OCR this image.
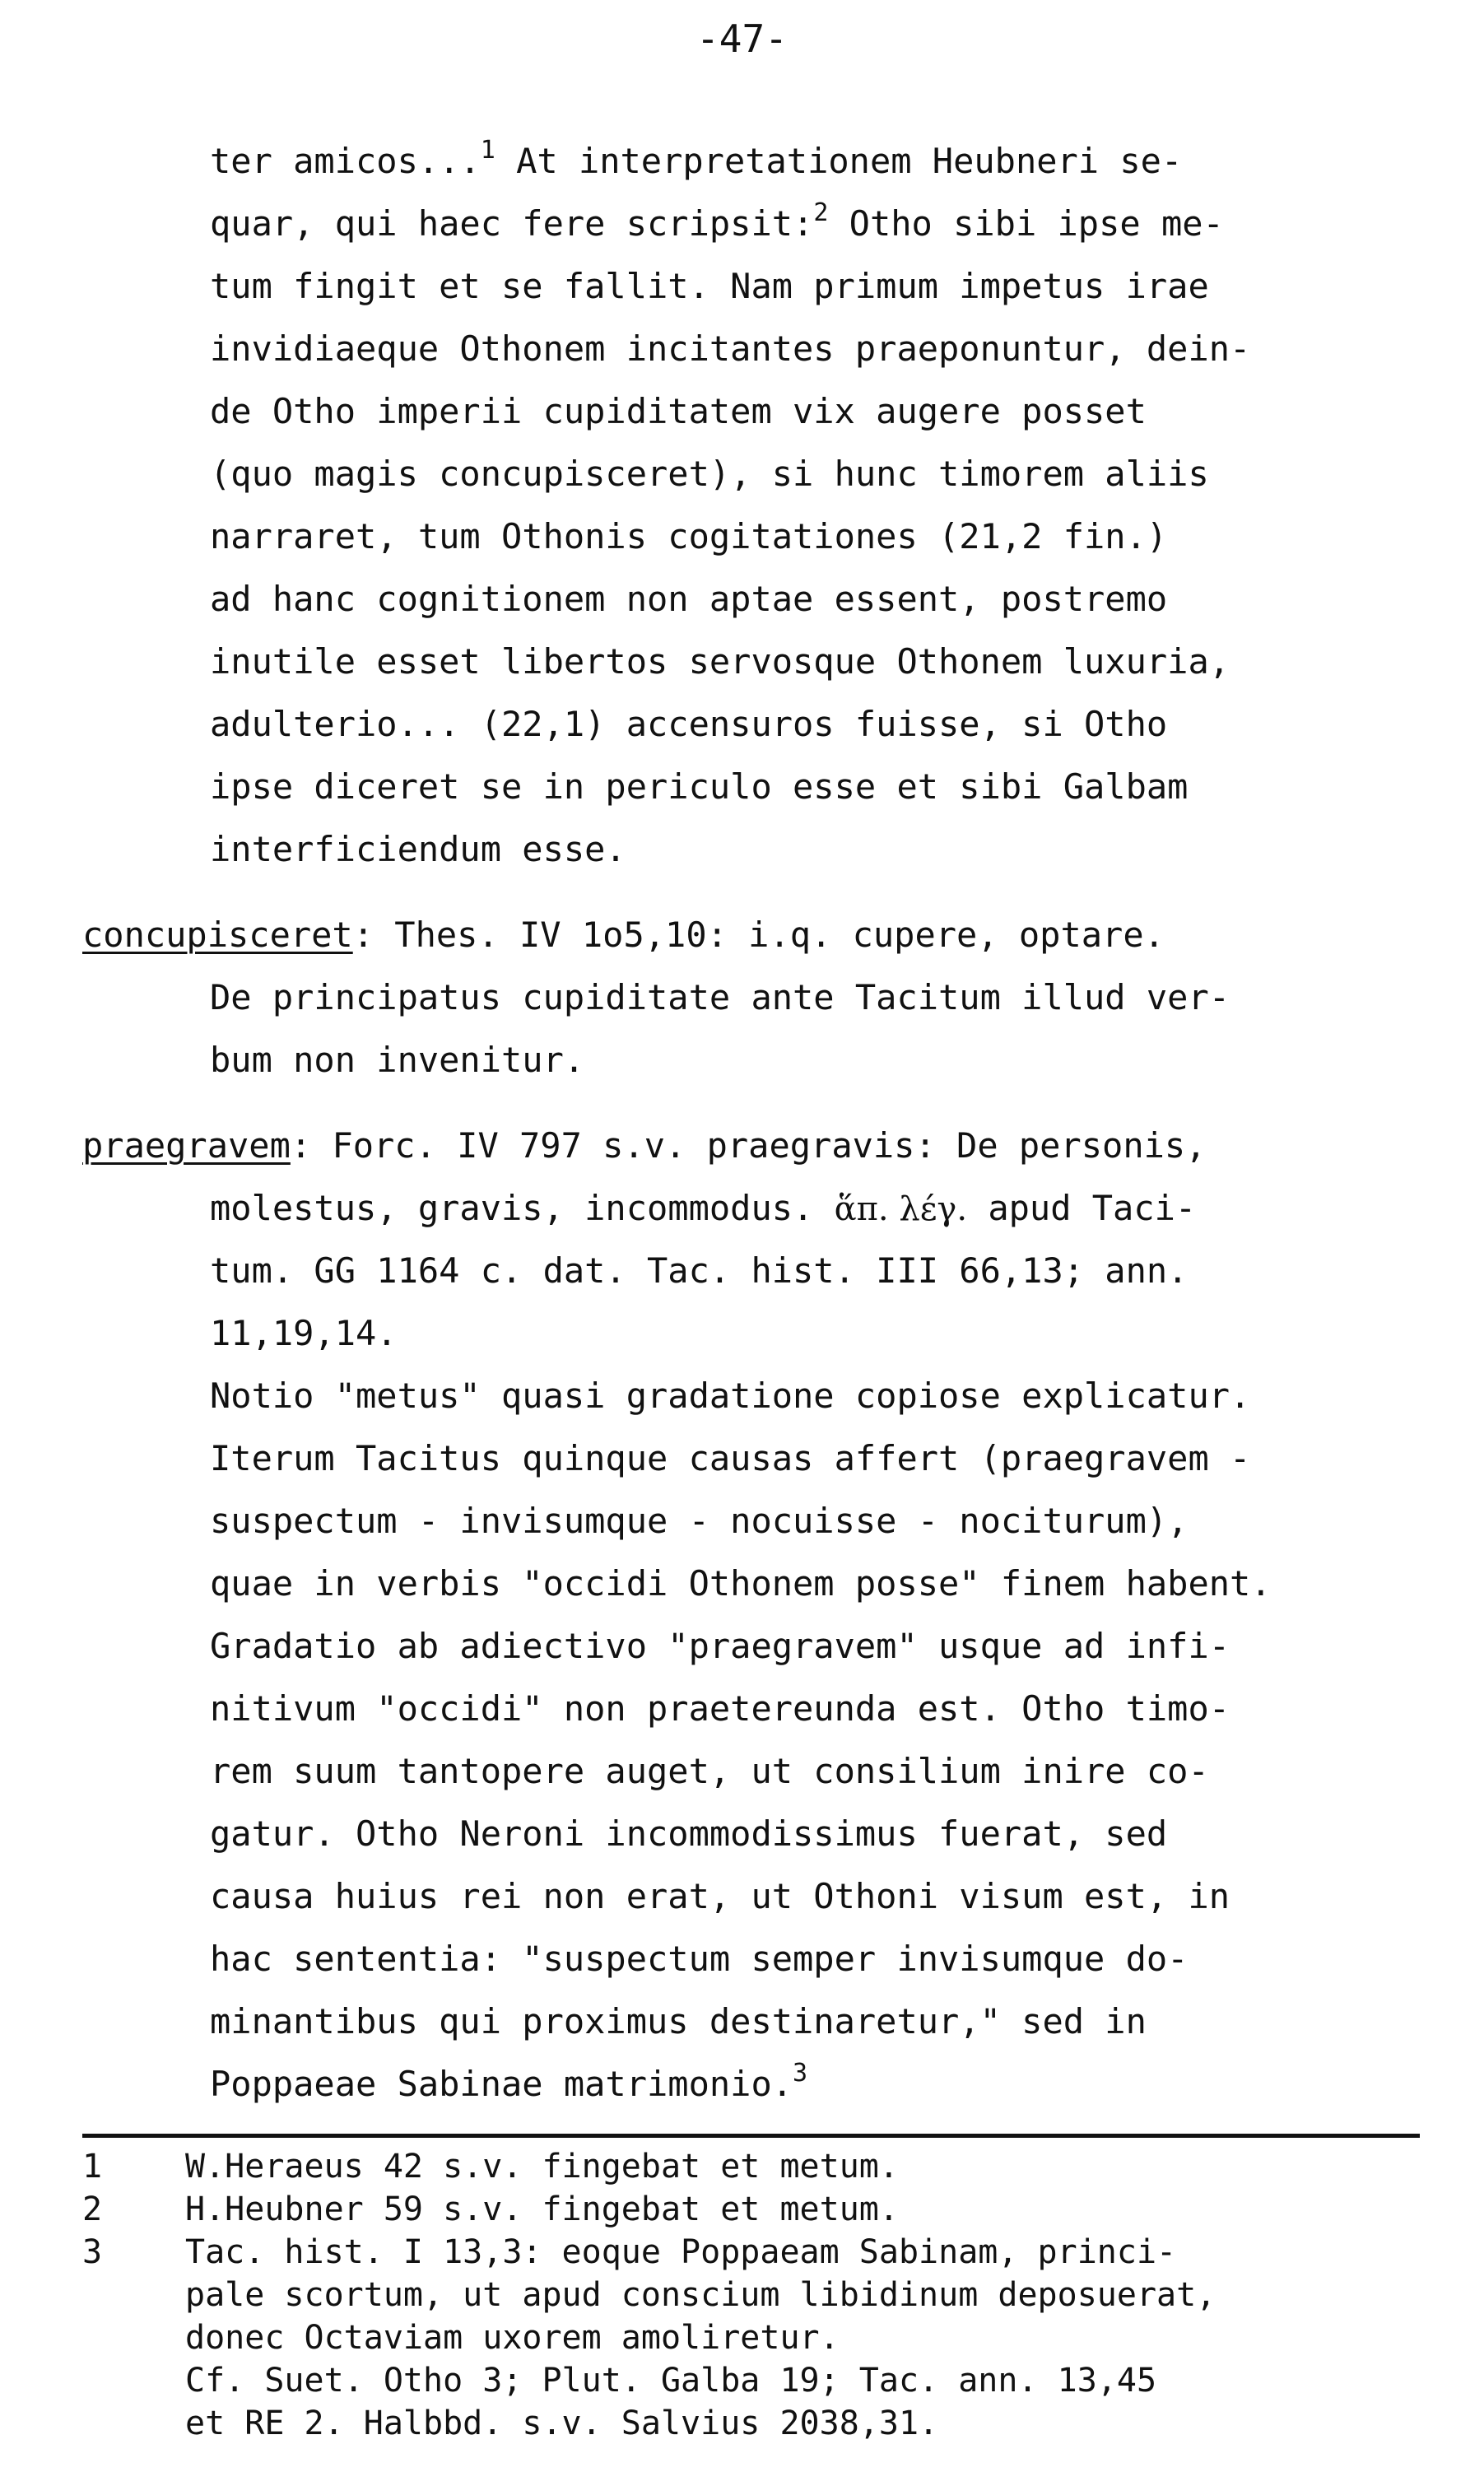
-47-
ter amicos...$^1$ At interpretationem Heubneri se-
quar, qui haec fere scripsit:$^2$ Otho sibi ipse me-
tum fingit et se fallit. Nam primum impetus irae
invidiaeque Othonem incitantes praeponuntur, dein-
de Otho imperii cupiditatem vix augere posset
(quo magis concupisceret), si hunc timorem aliis
narraret, tum Othonis cogitationes (21,2 fin.)
ad hanc cognitionem non aptae essent, postremo
inutile esset libertos servosque Othonem luxuria,
adulterio... (22,1) accensuros fuisse, si Otho
ipse diceret se in periculo esse et sibi Galbam
interficiendum esse.
concupisceret: Thes. IV 1o5,10: i.q. cupere, optare.
De principatus cupiditate ante Tacitum illud ver-
bum non invenitur.
praegravem: Forc. IV 797 s.v. praegravis: De personis,
molestus, gravis, incommodus. ἅπ. λέγ. apud Taci-
tum. GG 1164 c. dat. Tac. hist. III 66,13; ann.
11,19,14.
Notio "metus" quasi gradatione copiose explicatur.
Iterum Tacitus quinque causas affert (praegravem -
suspectum - invisumque - nocuisse - nociturum),
quae in verbis "occidi Othonem posse" finem habent.
Gradatio ab adiectivo "praegravem" usque ad infi-
nitivum "occidi" non praetereunda est. Otho timo-
rem suum tantopere auget, ut consilium inire co-
gatur. Otho Neroni incommodissimus fuerat, sed
causa huius rei non erat, ut Othoni visum est, in
hac sententia: "suspectum semper invisumque do-
minantibus qui proximus destinaretur," sed in
Poppaeae Sabinae matrimonio.$^3$
1	W.Heraeus 42 s.v. fingebat et metum.
2	H.Heubner 59 s.v. fingebat et metum.
3	Tac. hist. I 13,3: eoque Poppaeam Sabinam, princi-
pale scortum, ut apud conscium libidinum deposuerat,
donec Octaviam uxorem amoliretur.
Cf. Suet. Otho 3; Plut. Galba 19; Tac. ann. 13,45
et RE 2. Halbbd. s.v. Salvius 2038,31.
